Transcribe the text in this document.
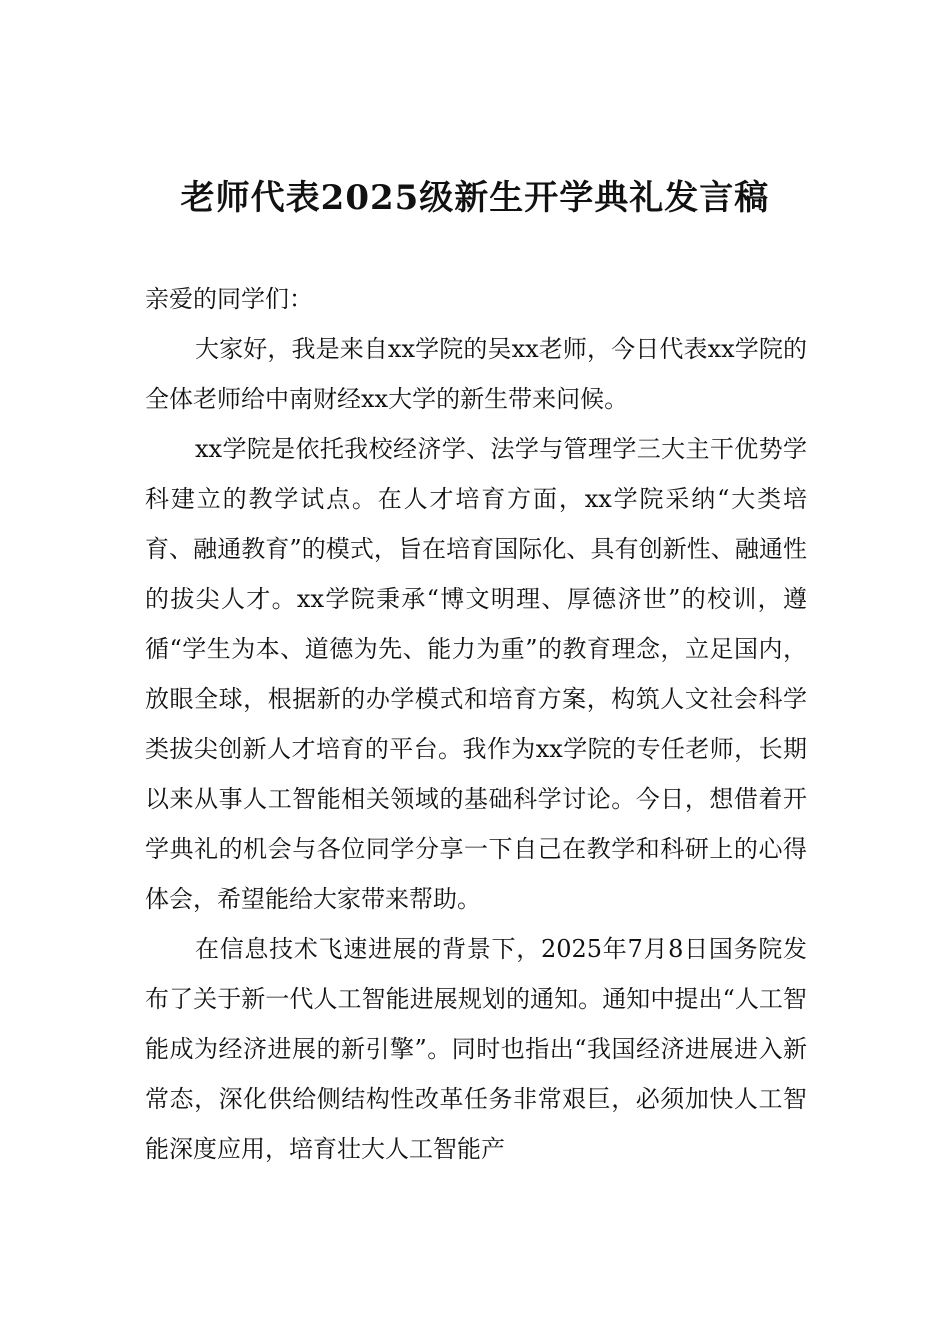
老师代表2025级新生开学典礼发言稿

亲爱的同学们：

大家好，我是来自xx学院的吴xx老师，今日代表xx学院的全体老师给中南财经xx大学的新生带来问候。

xx学院是依托我校经济学、法学与管理学三大主干优势学科建立的教学试点。在人才培育方面，xx学院采纳“大类培育、融通教育”的模式，旨在培育国际化、具有创新性、融通性的拔尖人才。xx学院秉承“博文明理、厚德济世”的校训，遵循“学生为本、道德为先、能力为重”的教育理念，立足国内，放眼全球，根据新的办学模式和培育方案，构筑人文社会科学类拔尖创新人才培育的平台。我作为xx学院的专任老师，长期以来从事人工智能相关领域的基础科学讨论。今日，想借着开学典礼的机会与各位同学分享一下自己在教学和科研上的心得体会，希望能给大家带来帮助。

在信息技术飞速进展的背景下，2025年7月8日国务院发布了关于新一代人工智能进展规划的通知。通知中提出“人工智能成为经济进展的新引擎”。同时也指出“我国经济进展进入新常态，深化供给侧结构性改革任务非常艰巨，必须加快人工智能深度应用，培育壮大人工智能产
